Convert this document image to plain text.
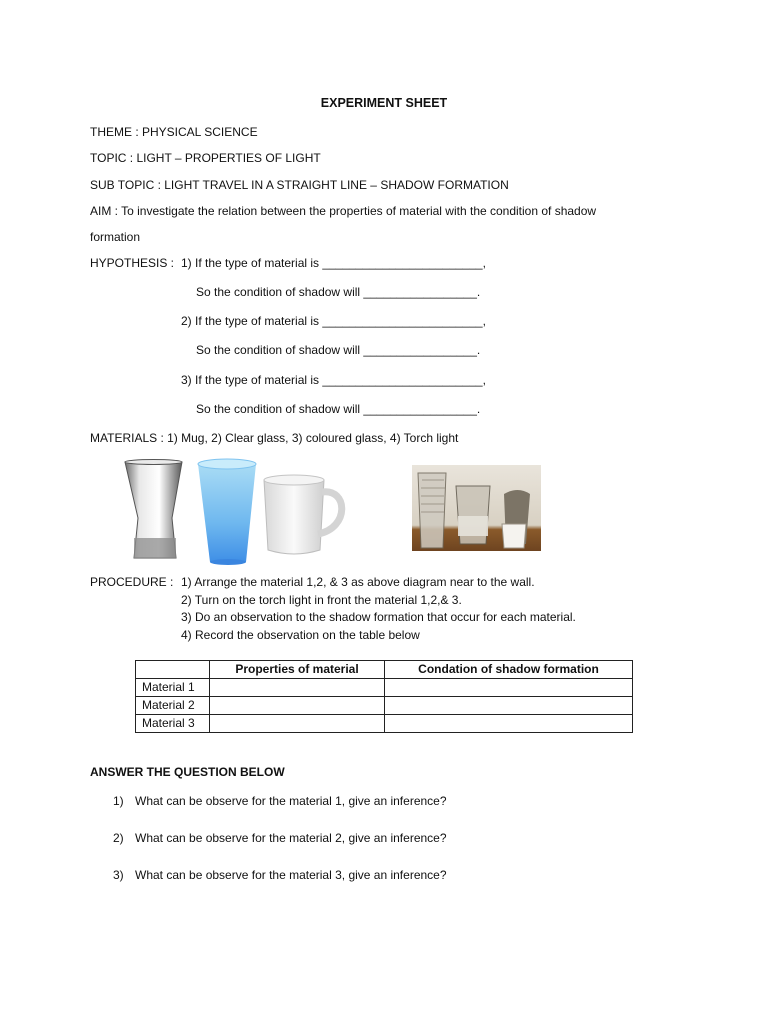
EXPERIMENT SHEET
THEME : PHYSICAL SCIENCE
TOPIC : LIGHT – PROPERTIES OF LIGHT
SUB TOPIC : LIGHT TRAVEL IN A STRAIGHT LINE – SHADOW FORMATION
AIM : To investigate the relation between the properties of material with the condition of shadow
formation
HYPOTHESIS : 1) If the type of material is ________________________,
So the condition of shadow will _________________.
2) If the type of material is ________________________,
So the condition of shadow will _________________.
3) If the type of material is ________________________,
So the condition of shadow will _________________.
MATERIALS : 1) Mug, 2) Clear glass, 3) coloured glass, 4) Torch light
PROCEDURE : 1) Arrange the material 1,2, & 3 as above diagram near to the wall.
2) Turn on the torch light in front the material 1,2,& 3.
3) Do an observation to the shadow formation that occur for each material.
4) Record the observation on the table below
	Properties of material	Condation of shadow formation
Material 1		
Material 2		
Material 3		
ANSWER THE QUESTION BELOW
1) What can be observe for the material 1, give an inference?
2) What can be observe for the material 2, give an inference?
3) What can be observe for the material 3, give an inference?
